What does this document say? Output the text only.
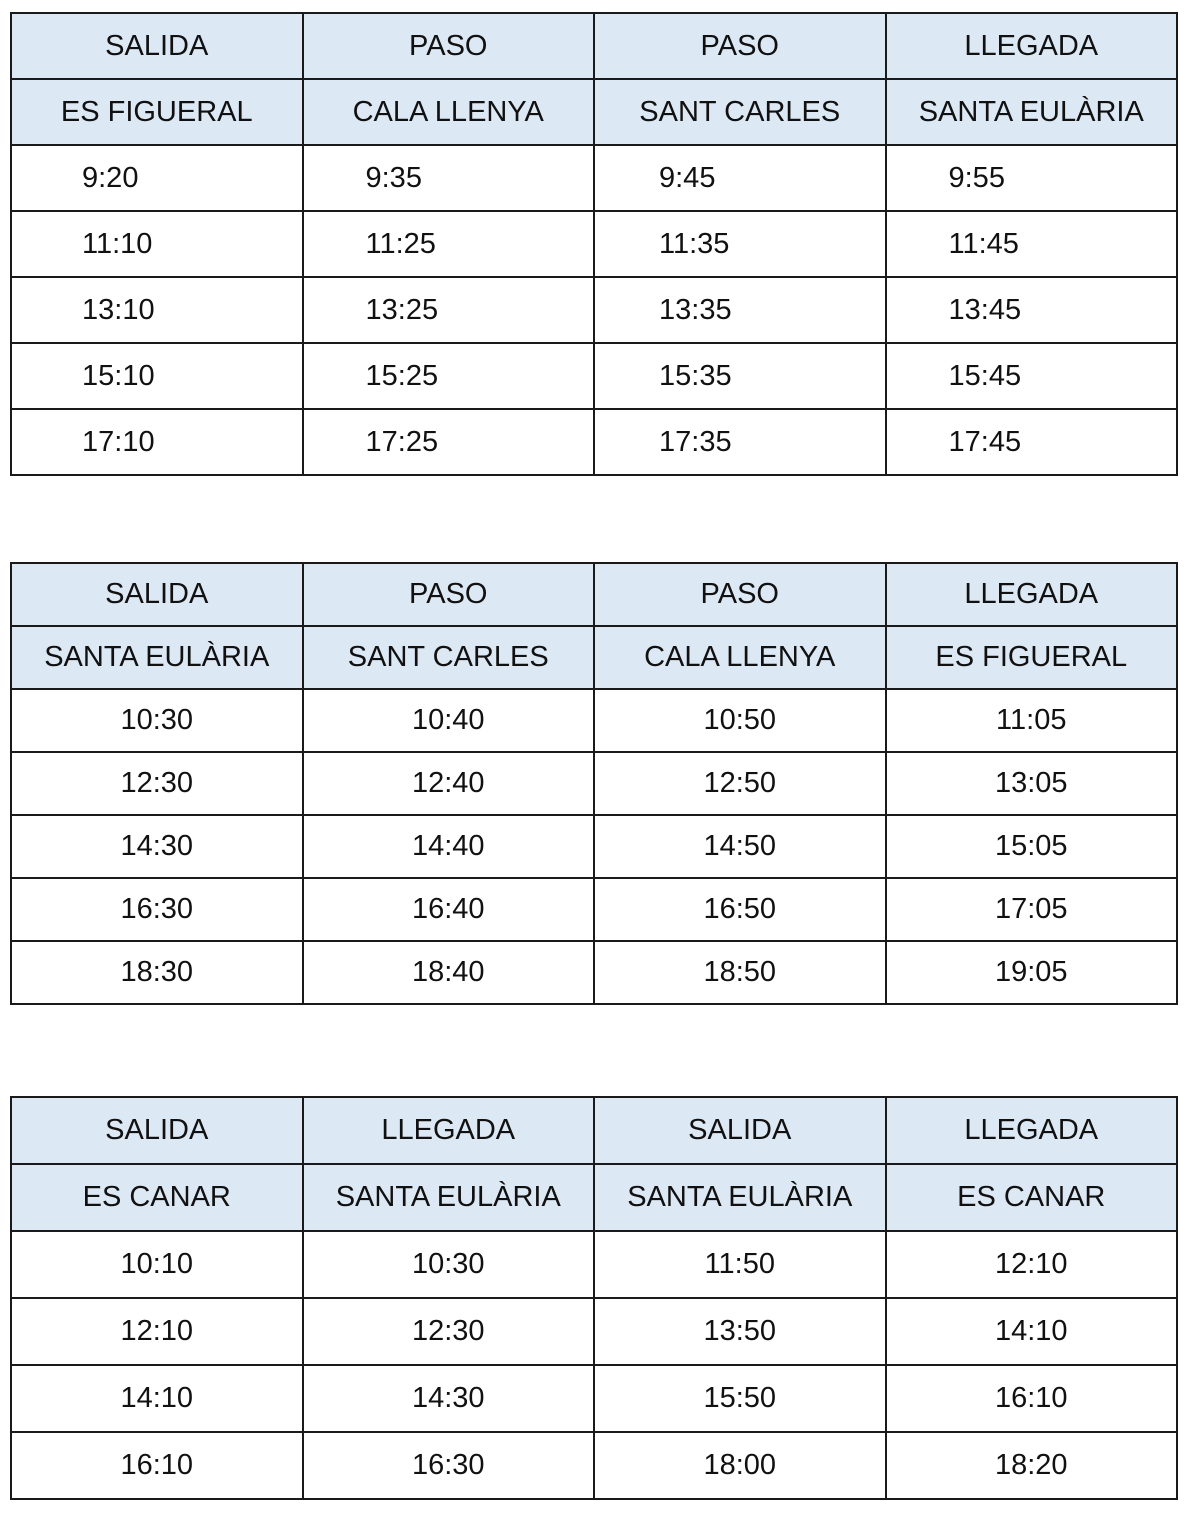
SALIDA	PASO	PASO	LLEGADA
ES FIGUERAL	CALA LLENYA	SANT CARLES	SANTA EULÀRIA
9:20	9:35	9:45	9:55
11:10	11:25	11:35	11:45
13:10	13:25	13:35	13:45
15:10	15:25	15:35	15:45
17:10	17:25	17:35	17:45
SALIDA	PASO	PASO	LLEGADA
SANTA EULÀRIA	SANT CARLES	CALA LLENYA	ES FIGUERAL
10:30	10:40	10:50	11:05
12:30	12:40	12:50	13:05
14:30	14:40	14:50	15:05
16:30	16:40	16:50	17:05
18:30	18:40	18:50	19:05
SALIDA	LLEGADA	SALIDA	LLEGADA
ES CANAR	SANTA EULÀRIA	SANTA EULÀRIA	ES CANAR
10:10	10:30	11:50	12:10
12:10	12:30	13:50	14:10
14:10	14:30	15:50	16:10
16:10	16:30	18:00	18:20
